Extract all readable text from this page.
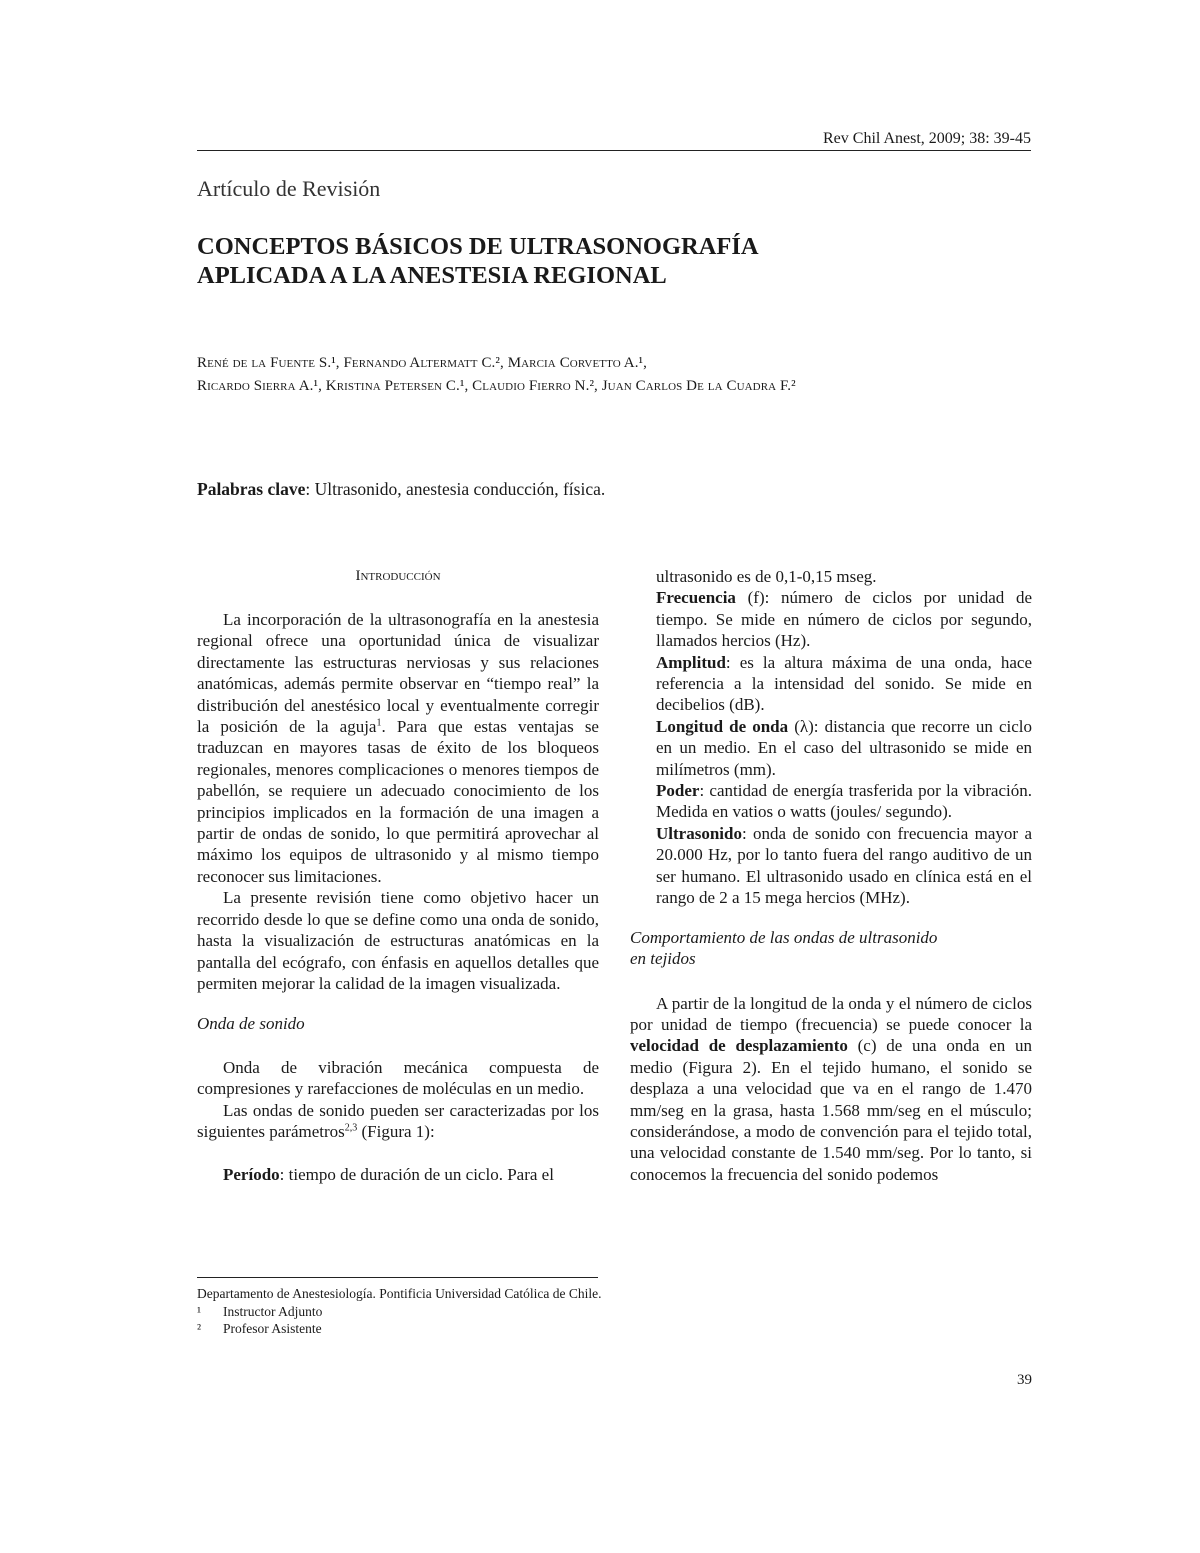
Rev Chil Anest, 2009; 38: 39-45
Artículo de Revisión
CONCEPTOS BÁSICOS DE ULTRASONOGRAFÍA
APLICADA A LA ANESTESIA REGIONAL
René de la Fuente S.¹, Fernando Altermatt C.², Marcia Corvetto A.¹,
Ricardo Sierra A.¹, Kristina Petersen C.¹, Claudio Fierro N.², Juan Carlos De la Cuadra F.²
Palabras clave: Ultrasonido, anestesia conducción, física.
Introducción

La incorporación de la ultrasonografía en la anestesia regional ofrece una oportunidad única de visualizar directamente las estructuras nerviosas y sus relaciones anatómicas, además permite observar en “tiempo real” la distribución del anestésico local y eventualmente corregir la posición de la aguja$^1$. Para que estas ventajas se traduzcan en mayores tasas de éxito de los bloqueos regionales, menores complicaciones o menores tiempos de pabellón, se requiere un adecuado conocimiento de los principios implicados en la formación de una imagen a partir de ondas de sonido, lo que permitirá aprovechar al máximo los equipos de ultrasonido y al mismo tiempo reconocer sus limitaciones.

La presente revisión tiene como objetivo hacer un recorrido desde lo que se define como una onda de sonido, hasta la visualización de estructuras anatómicas en la pantalla del ecógrafo, con énfasis en aquellos detalles que permiten mejorar la calidad de la imagen visualizada.

Onda de sonido

Onda de vibración mecánica compuesta de compresiones y rarefacciones de moléculas en un medio.

Las ondas de sonido pueden ser caracterizadas por los siguientes parámetros$^{2,3}$ (Figura 1):

Período: tiempo de duración de un ciclo. Para el

ultrasonido es de 0,1-0,15 mseg.

Frecuencia (f): número de ciclos por unidad de tiempo. Se mide en número de ciclos por segundo, llamados hercios (Hz).

Amplitud: es la altura máxima de una onda, hace referencia a la intensidad del sonido. Se mide en decibelios (dB).

Longitud de onda (λ): distancia que recorre un ciclo en un medio. En el caso del ultrasonido se mide en milímetros (mm).

Poder: cantidad de energía trasferida por la vibración. Medida en vatios o watts (joules/ segundo).

Ultrasonido: onda de sonido con frecuencia mayor a 20.000 Hz, por lo tanto fuera del rango auditivo de un ser humano. El ultrasonido usado en clínica está en el rango de 2 a 15 mega hercios (MHz).

Comportamiento de las ondas de ultrasonido
en tejidos

A partir de la longitud de la onda y el número de ciclos por unidad de tiempo (frecuencia) se puede conocer la velocidad de desplazamiento (c) de una onda en un medio (Figura 2). En el tejido humano, el sonido se desplaza a una velocidad que va en el rango de 1.470 mm/seg en la grasa, hasta 1.568 mm/seg en el músculo; considerándose, a modo de convención para el tejido total, una velocidad constante de 1.540 mm/seg. Por lo tanto, si conocemos la frecuencia del sonido podemos

Departamento de Anestesiología. Pontificia Universidad Católica de Chile.
¹	Instructor Adjunto
²	Profesor Asistente
39
